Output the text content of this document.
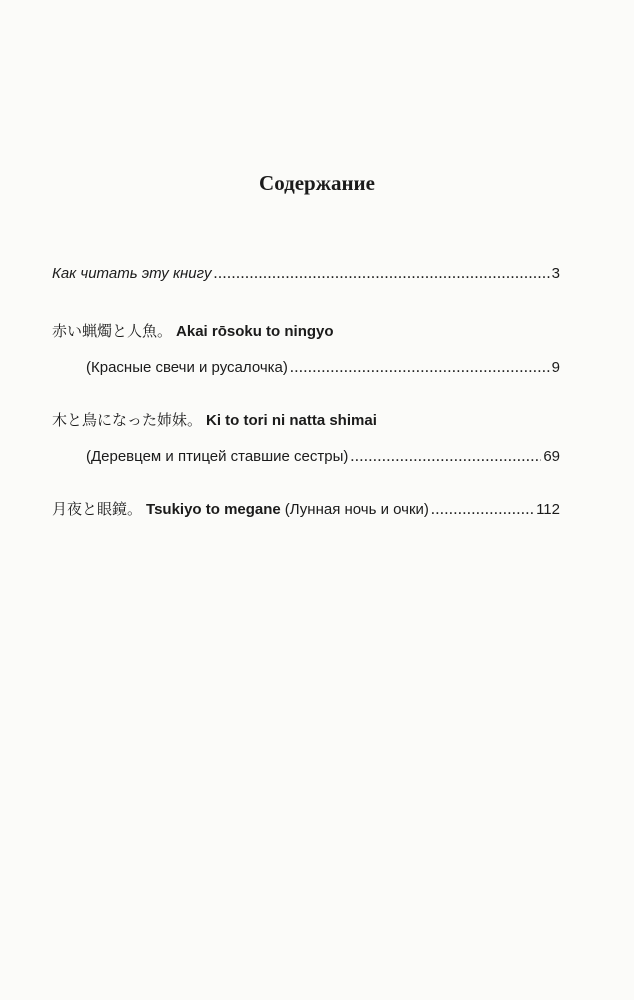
Содержание
Как читать эту книгу .....	3
赤い蝋燭と人魚。 Akai rōsoku to ningyo
(Красные свечи и русалочка) .....	9
木と鳥になった姉妹。 Ki to tori ni natta shimai
(Деревцем и птицей ставшие сестры) .....	69
月夜と眼鏡。 Tsukiyo to megane (Лунная ночь и очки) .....	112
